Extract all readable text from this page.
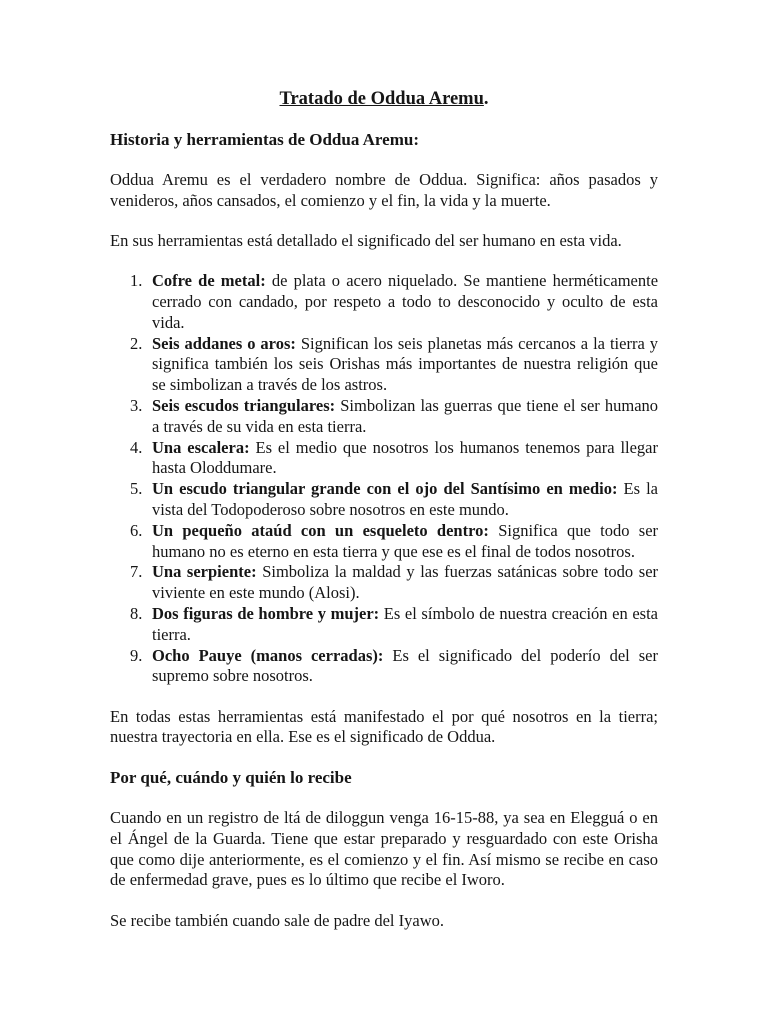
Tratado de Oddua Aremu.
Historia y herramientas de Oddua Aremu:

Oddua Aremu es el verdadero nombre de Oddua. Significa: años pasados y venideros, años cansados, el comienzo y el fin, la vida y la muerte.

En sus herramientas está detallado el significado del ser humano en esta vida.

1. Cofre de metal: de plata o acero niquelado. Se mantiene herméticamente cerrado con candado, por respeto a todo to desconocido y oculto de esta vida.
2. Seis addanes o aros: Significan los seis planetas más cercanos a la tierra y significa también los seis Orishas más importantes de nuestra religión que se simbolizan a través de los astros.
3. Seis escudos triangulares: Simbolizan las guerras que tiene el ser humano a través de su vida en esta tierra.
4. Una escalera: Es el medio que nosotros los humanos tenemos para llegar hasta Oloddumare.
5. Un escudo triangular grande con el ojo del Santísimo en medio: Es la vista del Todopoderoso sobre nosotros en este mundo.
6. Un pequeño ataúd con un esqueleto dentro: Significa que todo ser humano no es eterno en esta tierra y que ese es el final de todos nosotros.
7. Una serpiente: Simboliza la maldad y las fuerzas satánicas sobre todo ser viviente en este mundo (Alosi).
8. Dos figuras de hombre y mujer: Es el símbolo de nuestra creación en esta tierra.
9. Ocho Pauye (manos cerradas): Es el significado del poderío del ser supremo sobre nosotros.

En todas estas herramientas está manifestado el por qué nosotros en la tierra; nuestra trayectoria en ella. Ese es el significado de Oddua.

Por qué, cuándo y quién lo recibe

Cuando en un registro de ltá de diloggun venga 16-15-88, ya sea en Elegguá o en el Ángel de la Guarda. Tiene que estar preparado y resguardado con este Orisha que como dije anteriormente, es el comienzo y el fin. Así mismo se recibe en caso de enfermedad grave, pues es lo último que recibe el Iworo.

Se recibe también cuando sale de padre del Iyawo.
